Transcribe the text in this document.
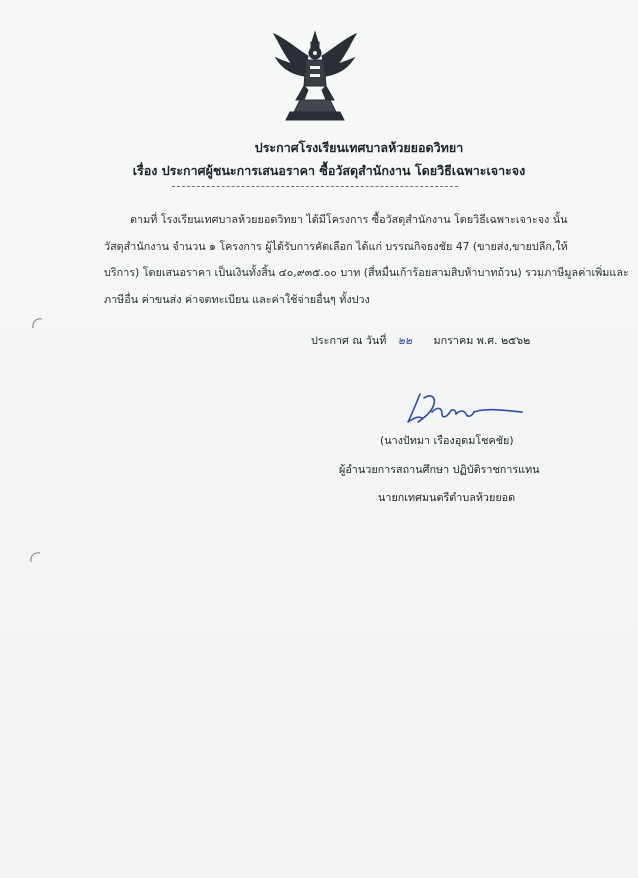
ประกาศโรงเรียนเทศบาลห้วยยอดวิทยา
เรื่อง ประกาศผู้ชนะการเสนอราคา ซื้อวัสดุสำนักงาน โดยวิธีเฉพาะเจาะจง
ตามที่ โรงเรียนเทศบาลห้วยยอดวิทยา ได้มีโครงการ ซื้อวัสดุสำนักงาน โดยวิธีเฉพาะเจาะจง นั้น
วัสดุสำนักงาน จำนวน ๑ โครงการ ผู้ได้รับการคัดเลือก ได้แก่ บรรณกิจธงชัย 47 (ขายส่ง,ขายปลีก,ให้
บริการ) โดยเสนอราคา เป็นเงินทั้งสิ้น ๔๐,๙๓๕.๐๐ บาท (สี่หมื่นเก้าร้อยสามสิบห้าบาทถ้วน) รวมภาษีมูลค่าเพิ่มและ
ภาษีอื่น ค่าขนส่ง ค่าจดทะเบียน และค่าใช้จ่ายอื่นๆ ทั้งปวง
ประกาศ ณ วันที่ ๒๒ มกราคม พ.ศ. ๒๕๖๒
(นางปัทมา เรืองอุดมโชคชัย)
ผู้อำนวยการสถานศึกษา ปฏิบัติราชการแทน
นายกเทศมนตรีตำบลห้วยยอด
